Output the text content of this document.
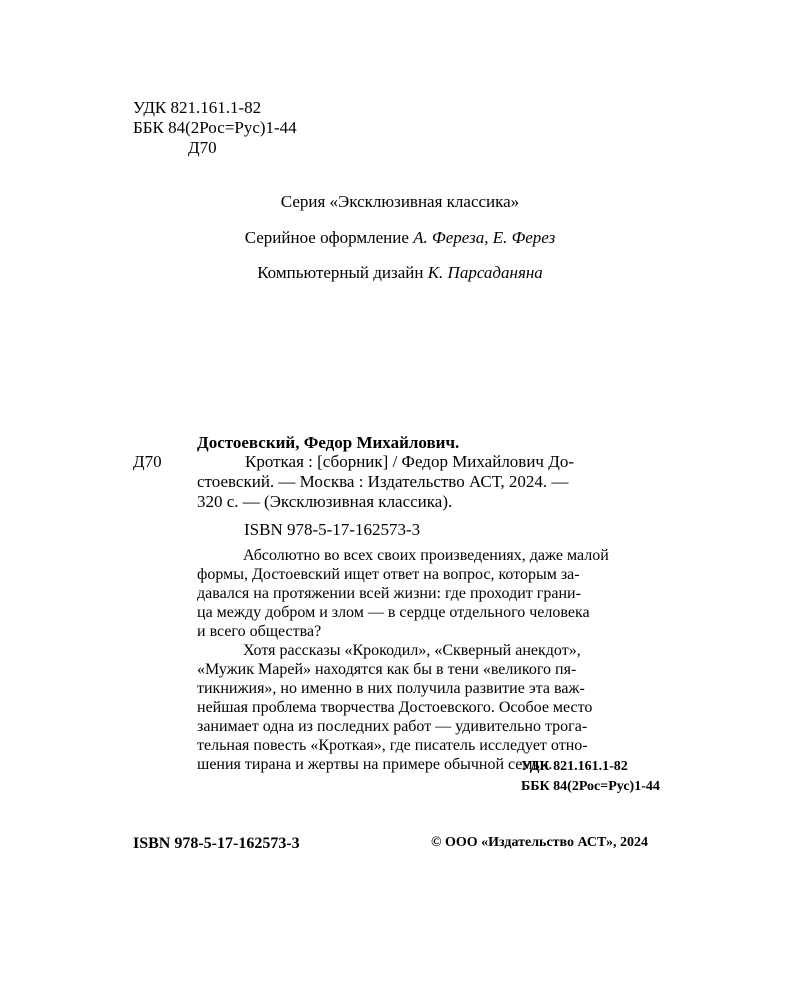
УДК 821.161.1-82
ББК 84(2Рос=Рус)1-44
Д70
Серия «Эксклюзивная классика»
Серийное оформление А. Фереза, Е. Ферез
Компьютерный дизайн К. Парсаданяна
Достоевский, Федор Михайлович.
Д70	Кроткая : [сборник] / Федор Михайлович До-
стоевский. — Москва : Издательство АСТ, 2024. —
320 с. — (Эксклюзивная классика).
ISBN 978-5-17-162573-3
Абсолютно во всех своих произведениях, даже малой
формы, Достоевский ищет ответ на вопрос, которым за-
давался на протяжении всей жизни: где проходит грани-
ца между добром и злом — в сердце отдельного человека
и всего общества?
Хотя рассказы «Крокодил», «Скверный анекдот»,
«Мужик Марей» находятся как бы в тени «великого пя-
тикнижия», но именно в них получила развитие эта важ-
нейшая проблема творчества Достоевского. Особое место
занимает одна из последних работ — удивительно трога-
тельная повесть «Кроткая», где писатель исследует отно-
шения тирана и жертвы на примере обычной семьи.
УДК 821.161.1-82
ББК 84(2Рос=Рус)1-44
ISBN 978-5-17-162573-3	© ООО «Издательство АСТ», 2024
